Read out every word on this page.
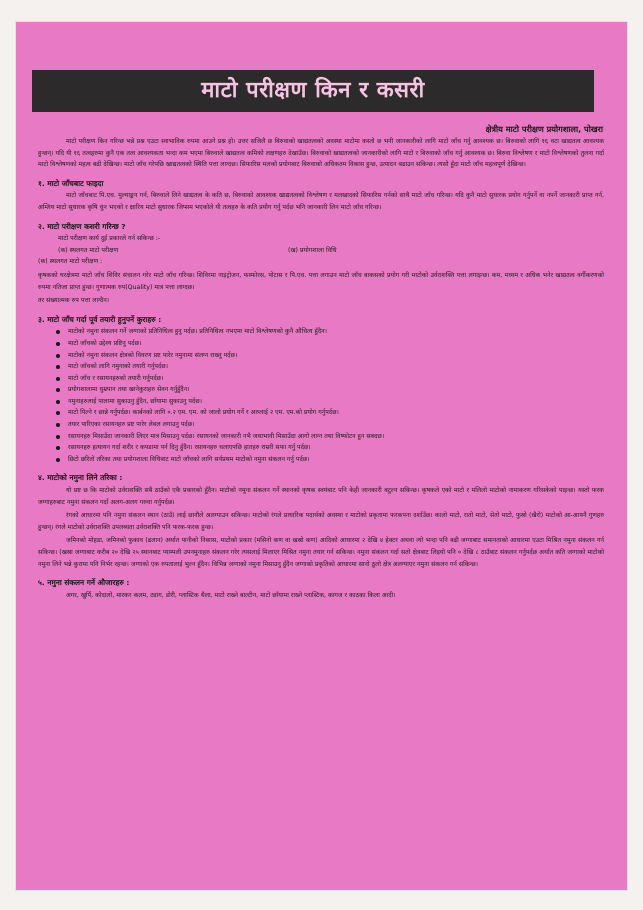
माटो परीक्षण किन र कसरी
क्षेत्रीय माटो परीक्षण प्रयोगशाला, पोखरा

माटो परीक्षण किन गरिन्छ भन्ने प्रश्न एउटा स्वाभाविक रुपमा आउने प्रश्न हो। उत्तर सजिलै छ बिरुवाको खाद्यतत्वको अवस्था माटोमा कस्तो छ भनी जानकारीको लागि माटो जाँच गर्नु आवश्यक छ। बिरुवाको लागि १६ वटा खाद्यतत्व आवश्यक हुन्छन्। यदि यी १६ तत्वहरुमा कुनै एक तत्व आवश्यकता भन्दा कम भएमा बिरुवाले खाद्यतत्व कमिको लक्षणहरु देखाउँछ। बिरुवाको खाद्यतत्वको जानकारीको लागि माटो र बिरुवाको जाँच गर्नु आवश्यक छ। बिरुवा विश्लेषण र माटो विश्लेषणको तुलना गर्दा माटो विश्लेषणको महत्व बढी देखिन्छ। माटो जाँच गरेपछि खाद्यतत्वको स्थिति पत्ता लाग्दछ। सिफारिस मलको प्रयोगबाट बिरुवाको अधिकतम विकास हुन्छ, उत्पादन बढाउन सकिन्छ। त्यसो हुँदा माटो जाँच महत्वपूर्ण देखिन्छ।

१. माटो जाँचबाट फाइदा

माटो जाँचबाट पि.एच. मुल्याङ्कन गर्न, बिरुवाले लिने खाद्यतत्व के कति छ, बिरुवाको आवश्यक खाद्यतत्वको विश्लेषण र मलखादको सिफारिस गर्नको साथै माटो जाँच गरिन्छ। यदि कुनै माटो सुधारक प्रयोग गर्नुपर्ने वा नपर्ने जानकारी प्राप्त गर्न, अम्लिय माटो सुधारक कृषि चुन भएको र क्षारिय माटो सुधारक जिप्सम भएकोले यी तत्वहरु के कति प्रयोग गर्नु पर्दछ भनि जानकारी लिन माटो जाँच गरिन्छ।

२. माटो परीक्षण कसरी गरिन्छ ?

माटो परीक्षण कार्य दुई प्रकारले गर्न सकिन्छ :-

(क) स्थलगत माटो परीक्षण	(ख) प्रयोगशाला विधि

(क) स्थलगत माटो परीक्षण :

कृषकको घरक्षेत्रमा माटो जाँच शिविर संचालन गरेर माटो जाँच गरिन्छ। शिविरमा नाइट्रोजन, फस्फोरस, पोटास र पि.एच. पत्ता लगाउन माटो जाँच बाकसको प्रयोग गरी माटोको उर्वराशक्ति पत्ता लगाइन्छ। कम, मध्यम र अधिक भनेर खाद्यतत्व वर्गीकरणको रुपमा नतिजा प्राप्त हुन्छ। गुणात्मक रुप(Quality) मात्र पत्ता लाग्दछ।

तर संख्यात्मक रुप पत्ता लाग्दैन।

३. माटो जाँच गर्दा पूर्व तयारी हुनुपर्ने कुराहरु :
माटोको नमुना संकलन गर्ने जग्गाको प्रतिनिधित्व हुनु पर्दछ। प्रतिनिधित्व नभएमा माटो विश्लेषणको कुनै औचित्य हुँदैन।
माटो जाँचको उद्देश्य प्रष्टिनु पर्दछ।
माटोको नमुना संकलन क्षेत्रको विवरण प्रष्ट पारेर नमुनामा संलग्न राख्नु पर्दछ।
माटो जाँचको लागि नमुनाको तयारी गर्नुपर्दछ।
माटो जाँच र रसायनहरुको तयारी गर्नुपर्दछ।
प्रयोगशालामा धुम्रपान तथा खानेकुराहरु सेवन गर्नुहुँदैन।
नमुनाहरुलाई पालामा सुकाउनु हुँदैन, छाँयामा सुकाउनु पर्दछ।
माटो पिल्ने र छान्ने गर्नुपर्दछ। कार्बनको लागि ०.२ एम. एम. को जालो प्रयोग गर्ने र अरुलाई २ एम. एम.को प्रयोग गर्नुपर्दछ।
तयार पारिएका रसायनहरु प्रष्ट पारेर लेबल लगाउनु पर्दछ।
रसायनहरु मिसाउँदा जानकारी लिएर मात्र मिसाउनु पर्दछ। रसायनको जानकारी नभै जथाभावी मिसाउँदा आगो लाग्न तथा विष्फोटन हुन सक्दछ।
रसायनहरु हत्यायन गर्दा शरीर र कपडामा पर्न दिनु हुँदैन। रसायनहरु चलाएपछि हातहरु राम्ररी सफा गर्नु पर्दछ।
छिटो छरितो तरिका तथा प्रयोगशाला विधिबाट माटो जाँचको लागि सर्वप्रथम माटोको नमुना संकलन गर्नु पर्दछ।
४. माटोको नमुना लिने तरिका :

यो प्रष्ट छ कि माटोको उर्वराशक्ति सबै ठाउँको एकै प्रकारको हुँदैन। माटोको नमुना संकलन गर्ने स्थानको कृषक स्वयंबाट पनि केही जानकारी बटुल्न सकिन्छ। कृषकले एको माटो र मलिलो माटोको नामाकरण गरिसकेको पाइन्छ। यस्तो फरक जग्गाहरुबाट नमुना संकलन गर्दा अलग-अलग गरुवा गर्नुपर्दछ।

रंगको आधारमा पनि नमुना संकलन स्थान (ठाउँ) लाई छानौले अलग्याउन सकिन्छ। माटोको रंगले प्राधारिक पदार्थको अवस्था र माटोको प्रकृतामा फरकपना दर्शाउँछ। कालो माटो, रातो माटो, सेतो माटो, फुस्रो (खैरो) माटोको आ-आफ्नै गुणहरु हुन्छन्। रंगले माटोको उर्वराशक्ति उपलब्धता उर्वराशक्ति पनि फरक-फरक हुन्छ।

जमिनको मोहडा, जमिनको फुकाव (ढलान) अर्थात पानीको निकास, माटोको प्रकार (मसिनो कण वा खस्रो कण) आदिको आधारमा २ देखि ४ हेक्टर अथवा त्यो भन्दा पनि बढी जग्गाबाट समानताको आधारमा एउटा मिश्रित नमुना संकलन गर्न सकिन्छ। (खस्रा जग्गाबाट करीब २० देखि २५ स्थानबाट प्याम्पली उपनमुनाहरु संकलन गरेर त्यसलाई मिलाएर मिश्रित नमुना तयार गर्न सकिन्छ। नमुना संकलन गर्दा सतो क्षेत्रबाट लिइयो पनि ० देखि ८ ठाउँबाट संकलन गर्नुपर्दछ अर्थात कति जग्गाको माटोको नमुना लिने भन्ने कुरामा पनि निर्भर रहन्छ। जग्गाको एक रुपतालाई भुल्न हुँदैन। विभिन्न जग्गाको नमुना मिसाउनु हुँदैन जग्गाको प्रकृतिको आधारमा सानो ठूलो क्षेत्र अलग्याएर नमुना संकलन गर्न सकिन्छ।

५. नमुना संकलन गर्ने औजारहरु :

अगर, खुर्पि, कोदालो, मारकर कलम, ट्याग, डोरी, प्लास्टिक थैला, माटो राख्ने बाल्टीन, माटो छाँयामा राख्ने प्लास्टिक, कागज र काठका किला आदी।
